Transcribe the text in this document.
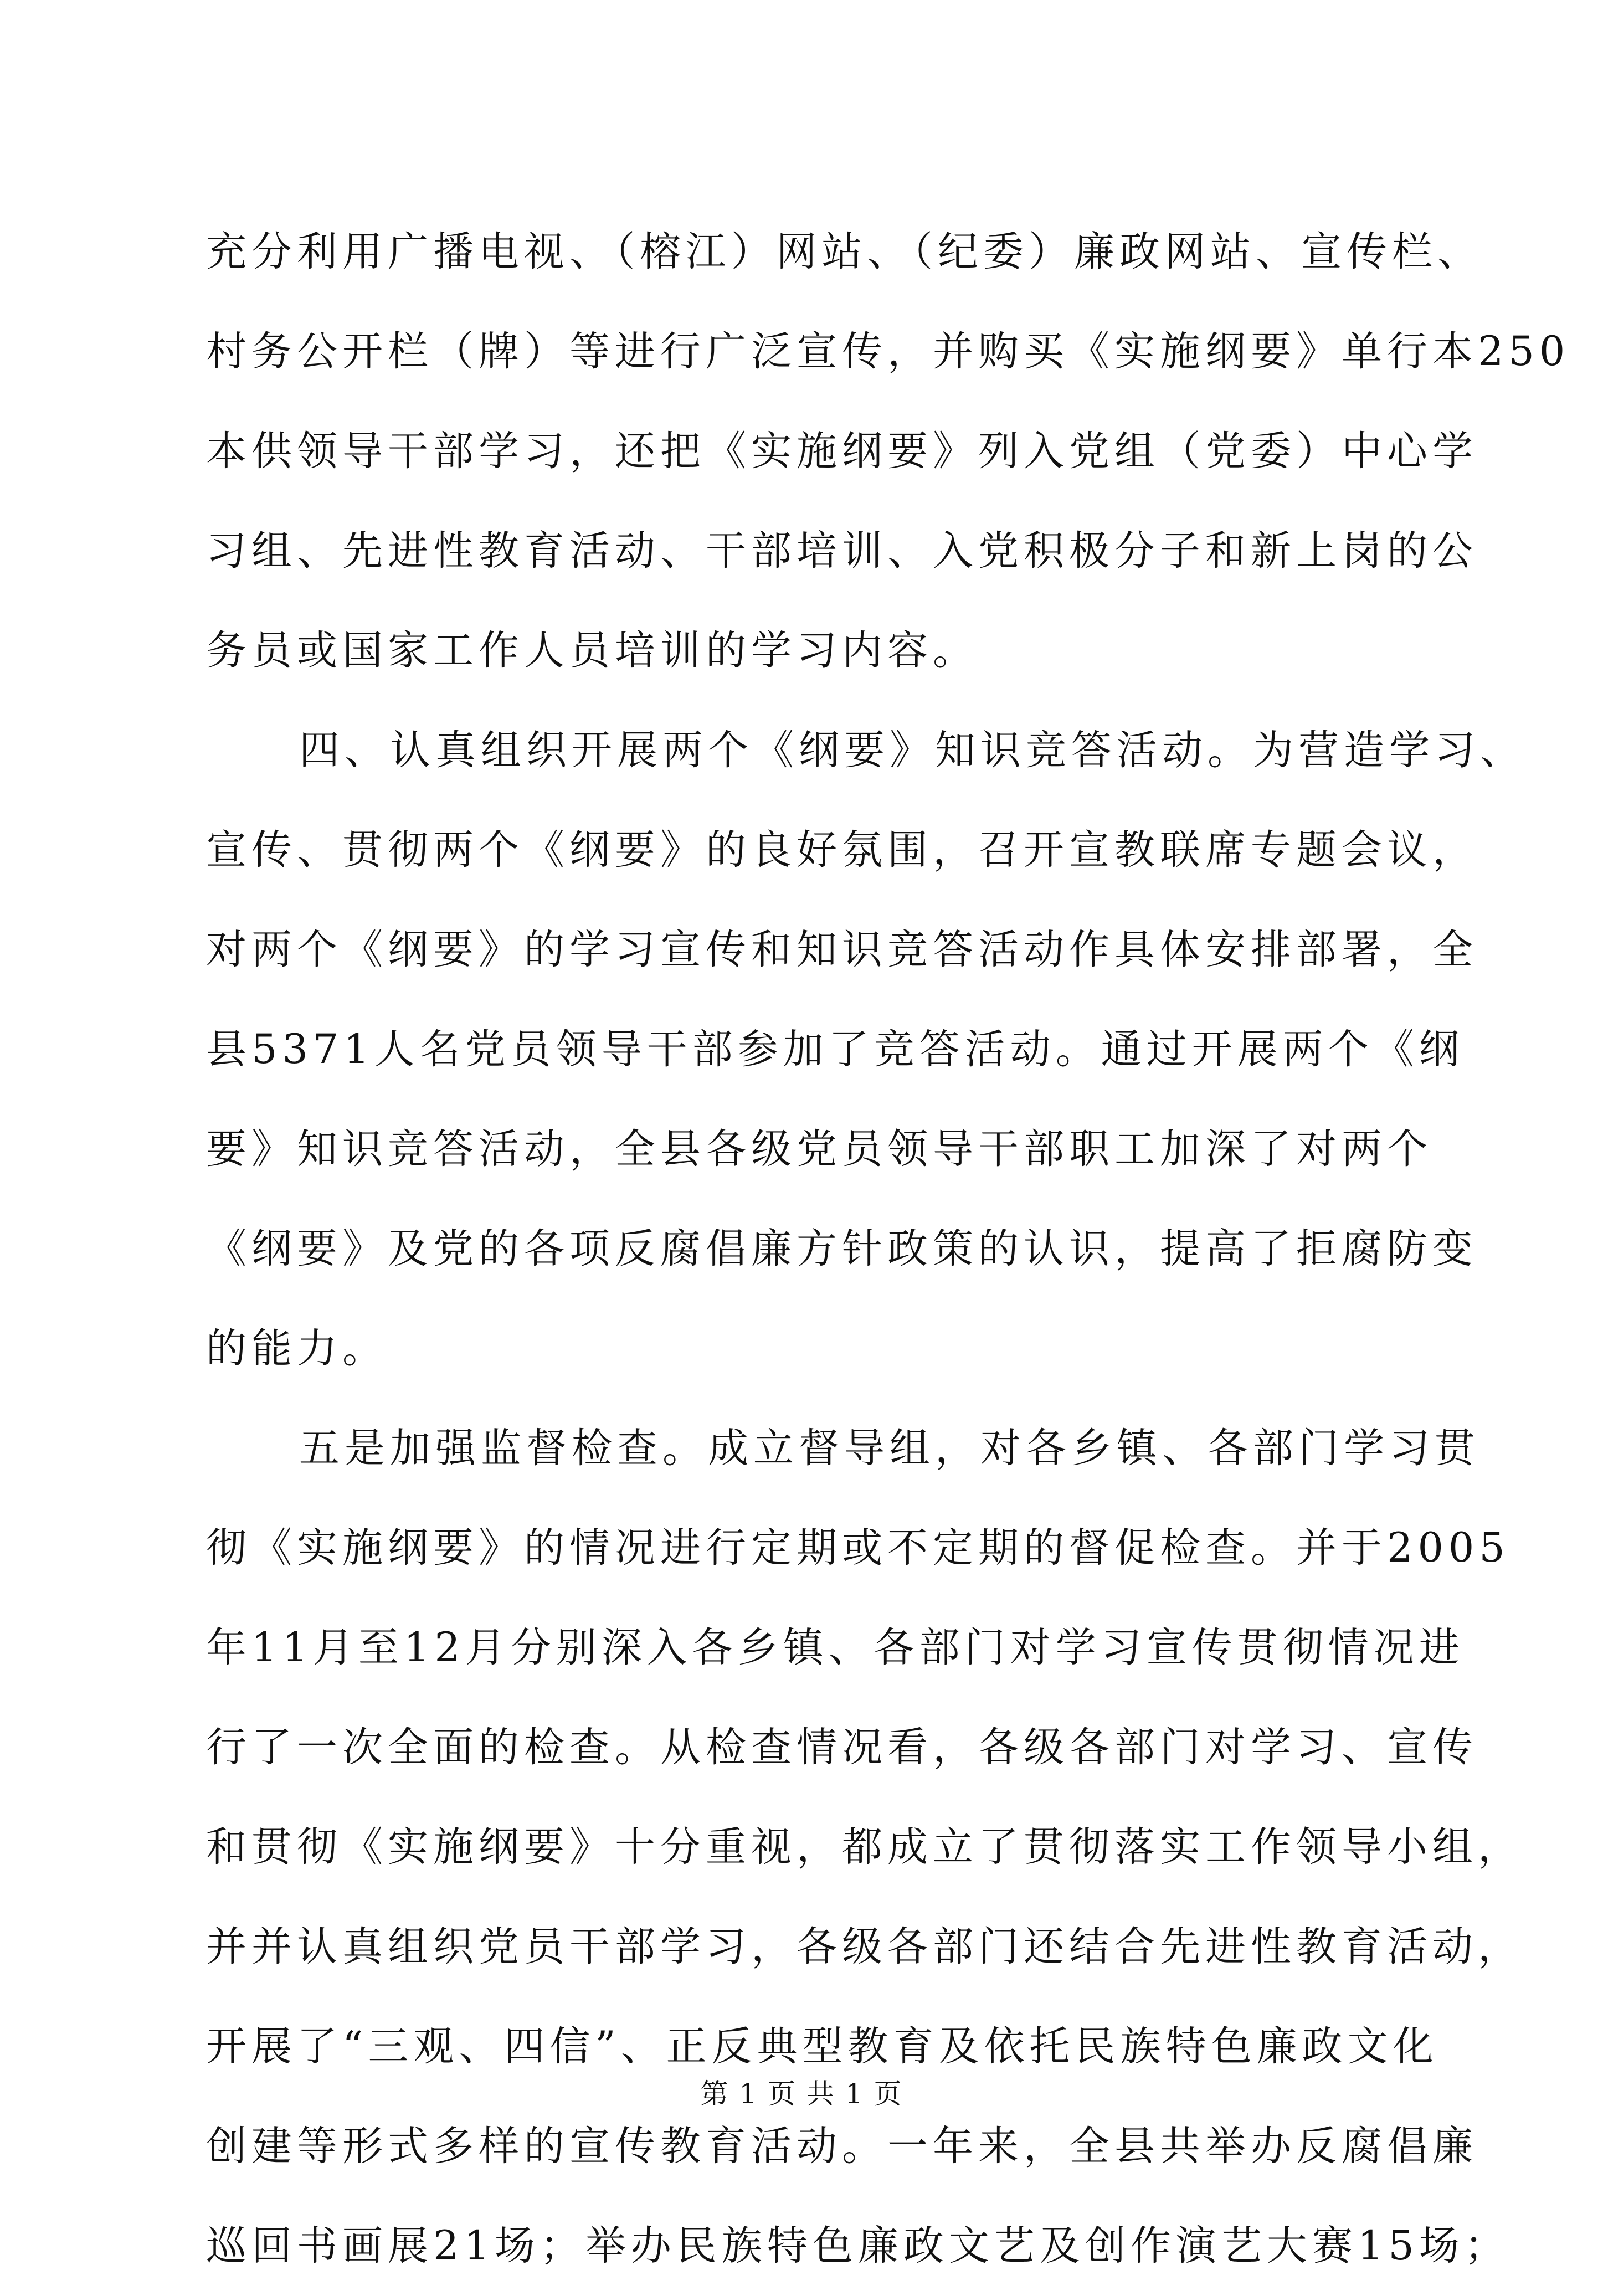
充分利用广播电视、（榕江）网站、（纪委）廉政网站、宣传栏、
村务公开栏（牌）等进行广泛宣传，并购买《实施纲要》单行本250
本供领导干部学习，还把《实施纲要》列入党组（党委）中心学
习组、先进性教育活动、干部培训、入党积极分子和新上岗的公
务员或国家工作人员培训的学习内容。
四、认真组织开展两个《纲要》知识竞答活动。为营造学习、
宣传、贯彻两个《纲要》的良好氛围，召开宣教联席专题会议，
对两个《纲要》的学习宣传和知识竞答活动作具体安排部署，全
县5371人名党员领导干部参加了竞答活动。通过开展两个《纲
要》知识竞答活动，全县各级党员领导干部职工加深了对两个
《纲要》及党的各项反腐倡廉方针政策的认识，提高了拒腐防变
的能力。
五是加强监督检查。成立督导组，对各乡镇、各部门学习贯
彻《实施纲要》的情况进行定期或不定期的督促检查。并于2005
年11月至12月分别深入各乡镇、各部门对学习宣传贯彻情况进
行了一次全面的检查。从检查情况看，各级各部门对学习、宣传
和贯彻《实施纲要》十分重视，都成立了贯彻落实工作领导小组，
并并认真组织党员干部学习，各级各部门还结合先进性教育活动，
开展了“三观、四信”、正反典型教育及依托民族特色廉政文化
创建等形式多样的宣传教育活动。一年来，全县共举办反腐倡廉
巡回书画展21场；举办民族特色廉政文艺及创作演艺大赛15场；
第 1 页 共 1 页
